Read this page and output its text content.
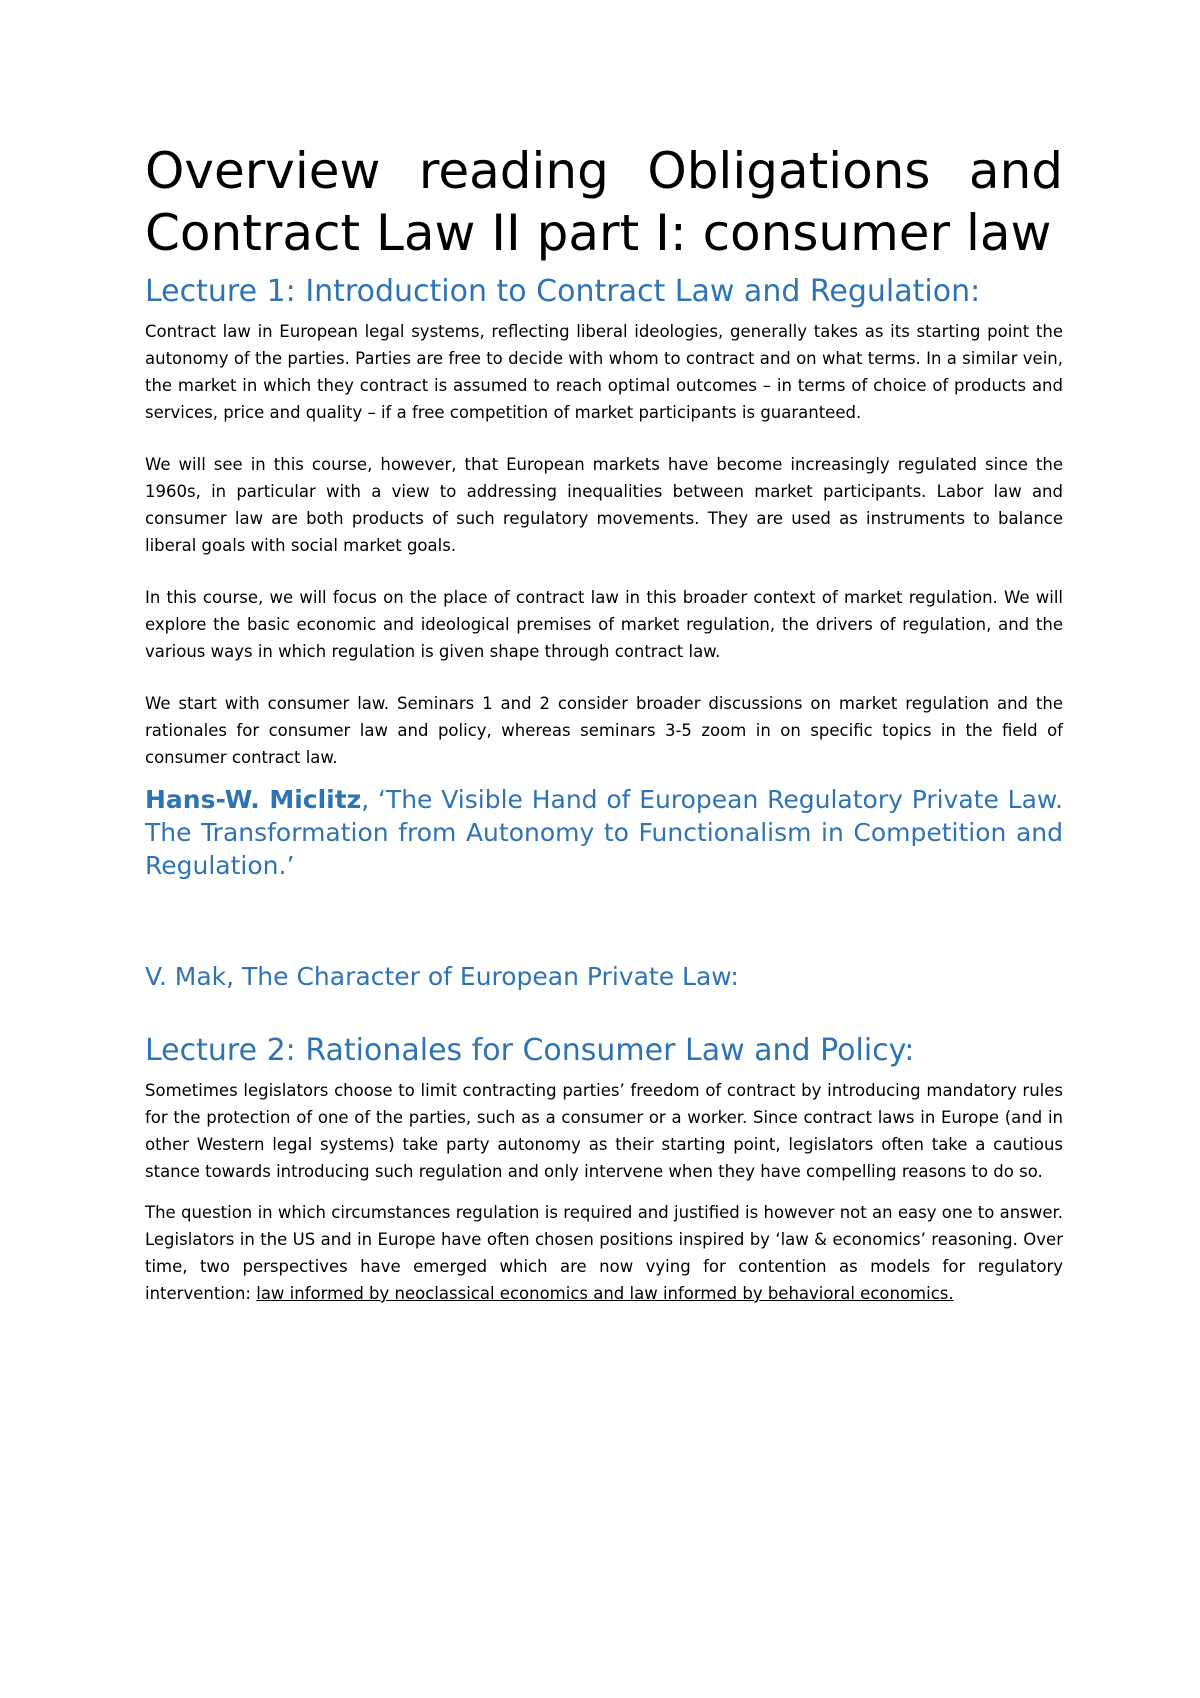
Overview reading Obligations and Contract Law II part I: consumer law
Lecture 1: Introduction to Contract Law and Regulation:

Contract law in European legal systems, reflecting liberal ideologies, generally takes as its starting point the autonomy of the parties. Parties are free to decide with whom to contract and on what terms. In a similar vein, the market in which they contract is assumed to reach optimal outcomes – in terms of choice of products and services, price and quality – if a free competition of market participants is guaranteed.

We will see in this course, however, that European markets have become increasingly regulated since the 1960s, in particular with a view to addressing inequalities between market participants. Labor law and consumer law are both products of such regulatory movements. They are used as instruments to balance liberal goals with social market goals.

In this course, we will focus on the place of contract law in this broader context of market regulation. We will explore the basic economic and ideological premises of market regulation, the drivers of regulation, and the various ways in which regulation is given shape through contract law.

We start with consumer law. Seminars 1 and 2 consider broader discussions on market regulation and the rationales for consumer law and policy, whereas seminars 3-5 zoom in on specific topics in the field of consumer contract law.

Hans-W. Miclitz, ‘The Visible Hand of European Regulatory Private Law. The Transformation from Autonomy to Functionalism in Competition and Regulation.’

V. Mak, The Character of European Private Law:

Lecture 2: Rationales for Consumer Law and Policy:

Sometimes legislators choose to limit contracting parties’ freedom of contract by introducing mandatory rules for the protection of one of the parties, such as a consumer or a worker. Since contract laws in Europe (and in other Western legal systems) take party autonomy as their starting point, legislators often take a cautious stance towards introducing such regulation and only intervene when they have compelling reasons to do so.

The question in which circumstances regulation is required and justified is however not an easy one to answer. Legislators in the US and in Europe have often chosen positions inspired by ‘law & economics’ reasoning. Over time, two perspectives have emerged which are now vying for contention as models for regulatory intervention: law informed by neoclassical economics and law informed by behavioral economics.
